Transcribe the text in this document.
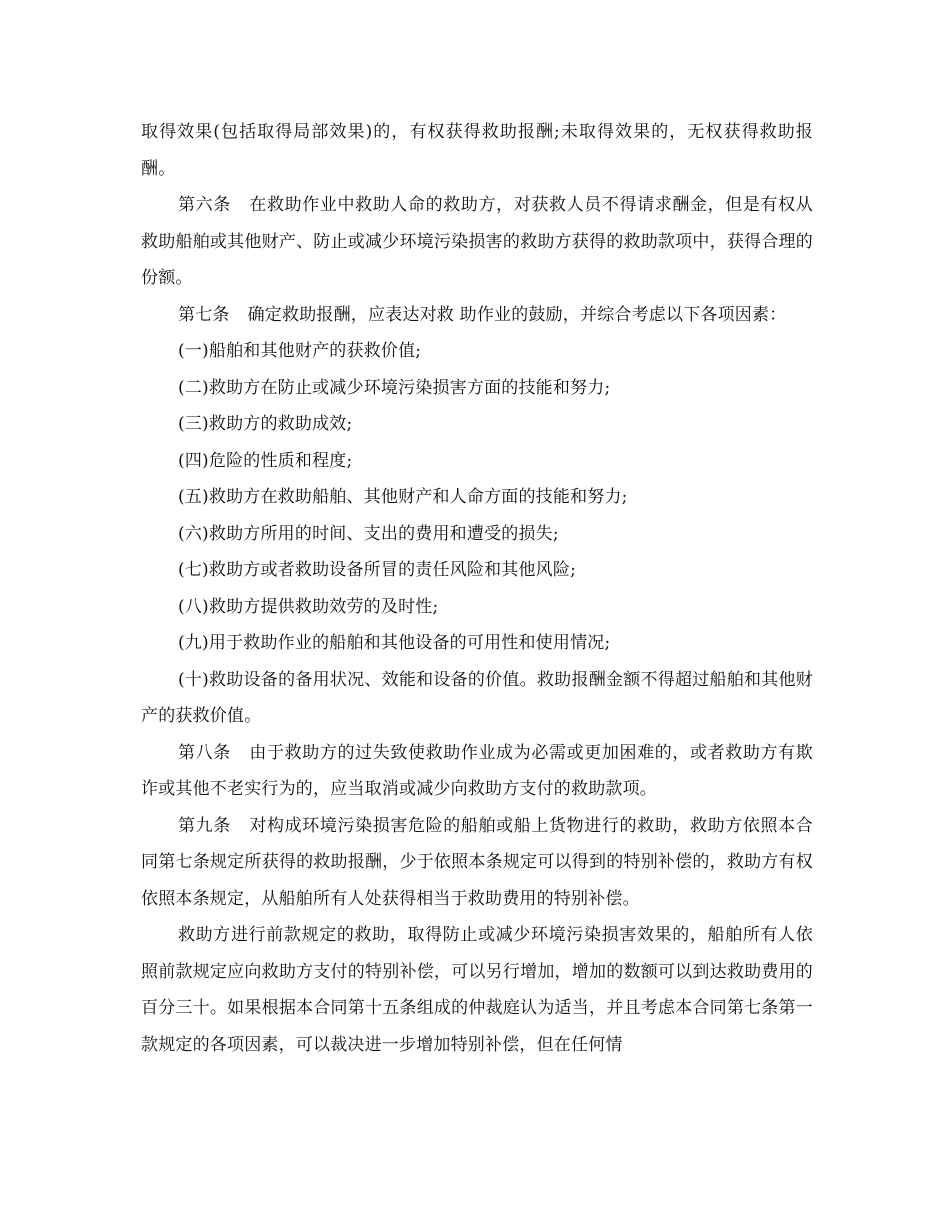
取得效果(包括取得局部效果)的，有权获得救助报酬;未取得效果的，无权获得救助报酬。

第六条 在救助作业中救助人命的救助方，对获救人员不得请求酬金，但是有权从救助船舶或其他财产、防止或减少环境污染损害的救助方获得的救助款项中，获得合理的份额。

第七条 确定救助报酬，应表达对救 助作业的鼓励，并综合考虑以下各项因素：

(一)船舶和其他财产的获救价值;

(二)救助方在防止或减少环境污染损害方面的技能和努力;

(三)救助方的救助成效;

(四)危险的性质和程度;

(五)救助方在救助船舶、其他财产和人命方面的技能和努力;

(六)救助方所用的时间、支出的费用和遭受的损失;

(七)救助方或者救助设备所冒的责任风险和其他风险;

(八)救助方提供救助效劳的及时性;

(九)用于救助作业的船舶和其他设备的可用性和使用情况;

(十)救助设备的备用状况、效能和设备的价值。救助报酬金额不得超过船舶和其他财产的获救价值。

第八条 由于救助方的过失致使救助作业成为必需或更加困难的，或者救助方有欺诈或其他不老实行为的，应当取消或减少向救助方支付的救助款项。

第九条 对构成环境污染损害危险的船舶或船上货物进行的救助，救助方依照本合同第七条规定所获得的救助报酬，少于依照本条规定可以得到的特别补偿的，救助方有权依照本条规定，从船舶所有人处获得相当于救助费用的特别补偿。

救助方进行前款规定的救助，取得防止或减少环境污染损害效果的，船舶所有人依照前款规定应向救助方支付的特别补偿，可以另行增加，增加的数额可以到达救助费用的百分三十。如果根据本合同第十五条组成的仲裁庭认为适当，并且考虑本合同第七条第一款规定的各项因素，可以裁决进一步增加特别补偿，但在任何情
